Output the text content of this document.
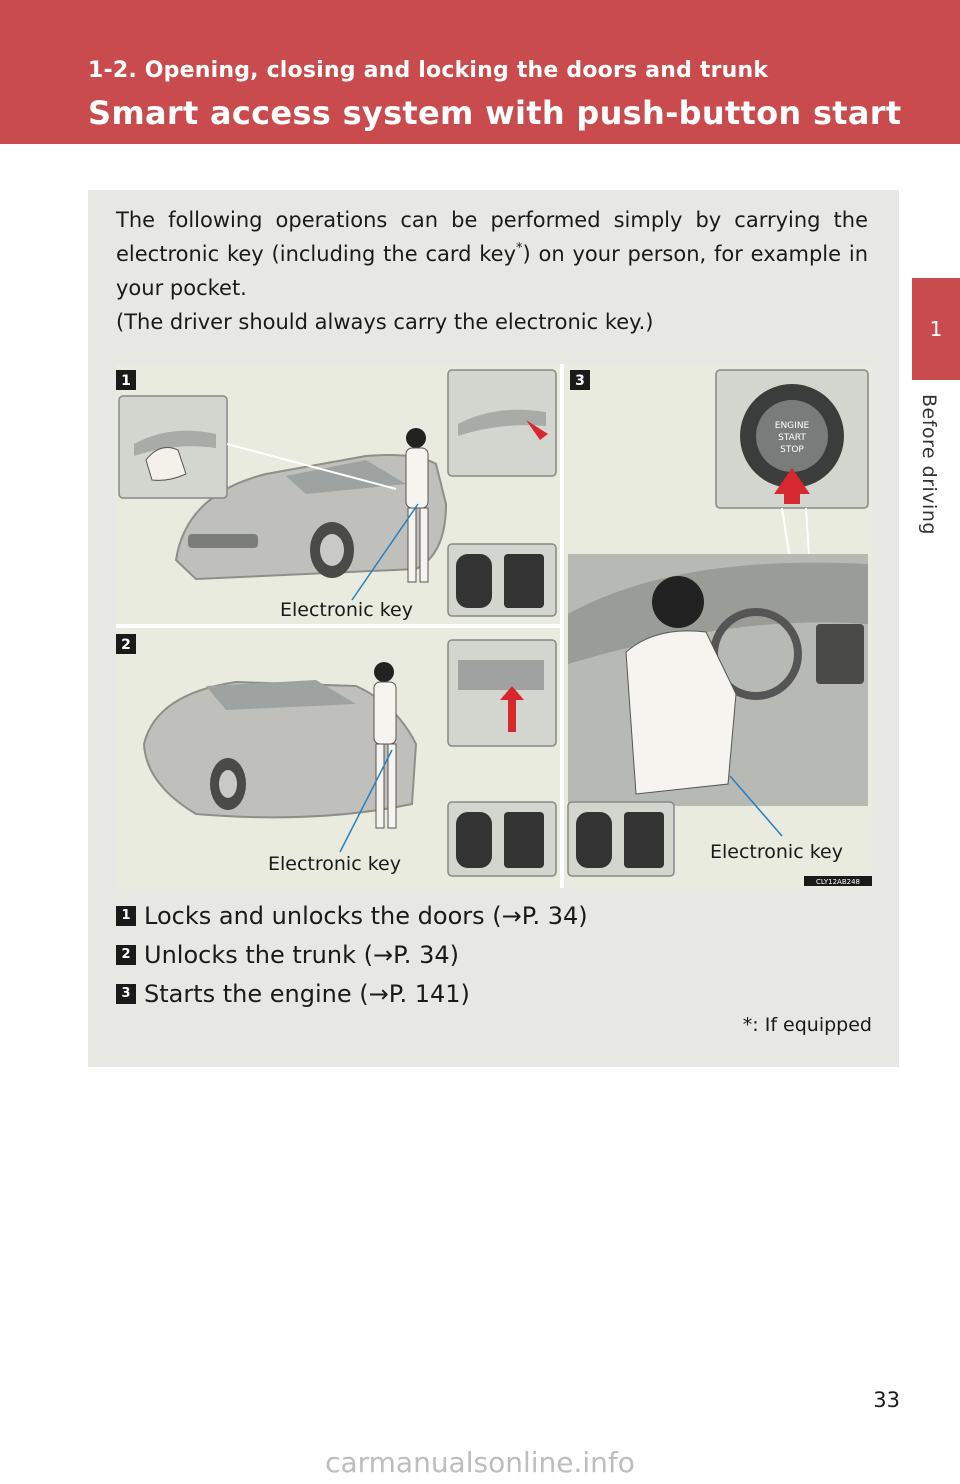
1-2. Opening, closing and locking the doors and trunk
Smart access system with push-button start
1
Before driving

The following operations can be performed simply by carrying the electronic key (including the card key*) on your person, for example in your pocket.

(The driver should always carry the electronic key.)

1
Electronic key
2
Electronic key
3
ENGINE
START
STOP
Electronic key
CLY12AB248
1 Locks and unlocks the doors (→P. 34)
2 Unlocks the trunk (→P. 34)
3 Starts the engine (→P. 141)
*: If equipped
33
carmanualsonline.info
